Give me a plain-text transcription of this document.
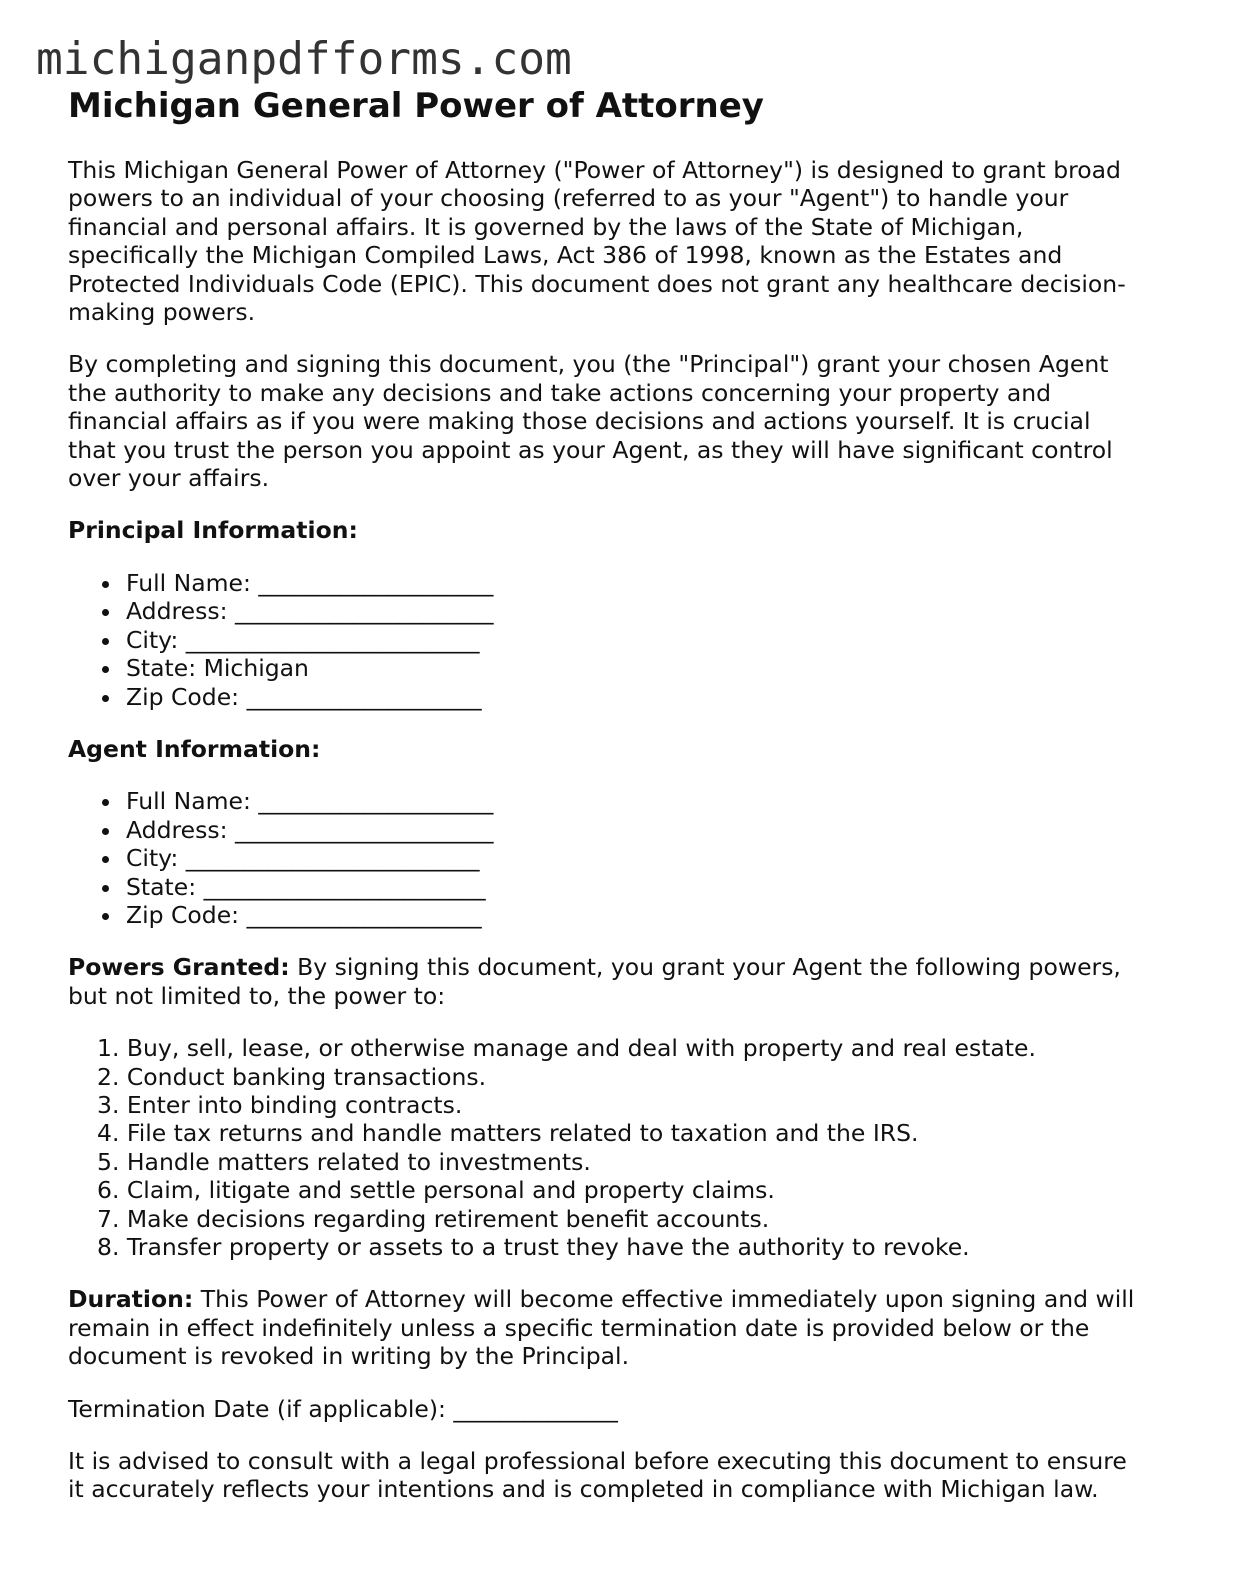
michiganpdfforms.com
Michigan General Power of Attorney

This Michigan General Power of Attorney ("Power of Attorney") is designed to grant broad
powers to an individual of your choosing (referred to as your "Agent") to handle your
financial and personal affairs. It is governed by the laws of the State of Michigan,
specifically the Michigan Compiled Laws, Act 386 of 1998, known as the Estates and
Protected Individuals Code (EPIC). This document does not grant any healthcare decision-
making powers.

By completing and signing this document, you (the "Principal") grant your chosen Agent
the authority to make any decisions and take actions concerning your property and
financial affairs as if you were making those decisions and actions yourself. It is crucial
that you trust the person you appoint as your Agent, as they will have significant control
over your affairs.

Principal Information:

Full Name: ____________________
Address: ______________________
City: _________________________
State: Michigan
Zip Code: ____________________

Agent Information:

Full Name: ____________________
Address: ______________________
City: _________________________
State: ________________________
Zip Code: ____________________

Powers Granted: By signing this document, you grant your Agent the following powers,
but not limited to, the power to:

1. Buy, sell, lease, or otherwise manage and deal with property and real estate.
2. Conduct banking transactions.
3. Enter into binding contracts.
4. File tax returns and handle matters related to taxation and the IRS.
5. Handle matters related to investments.
6. Claim, litigate and settle personal and property claims.
7. Make decisions regarding retirement benefit accounts.
8. Transfer property or assets to a trust they have the authority to revoke.

Duration: This Power of Attorney will become effective immediately upon signing and will
remain in effect indefinitely unless a specific termination date is provided below or the
document is revoked in writing by the Principal.

Termination Date (if applicable): ______________

It is advised to consult with a legal professional before executing this document to ensure
it accurately reflects your intentions and is completed in compliance with Michigan law.
